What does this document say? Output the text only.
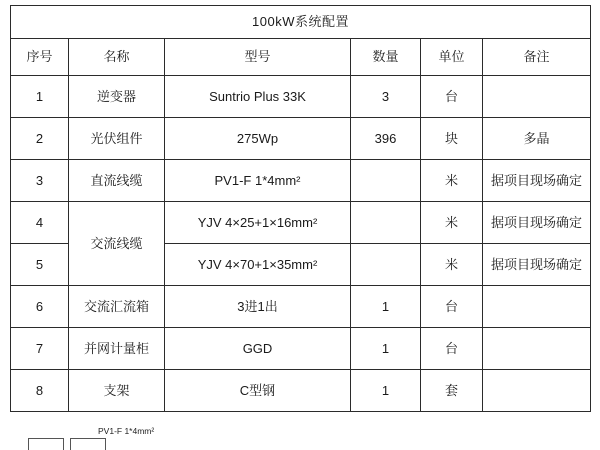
100kW系统配置					
序号	名称	型号	数量	单位	备注
1	逆变器	Suntrio Plus 33K	3	台	
2	光伏组件	275Wp	396	块	多晶
3	直流线缆	PV1-F 1*4mm²		米	据项目现场确定
4	交流线缆	YJV 4×25+1×16mm²		米	据项目现场确定
5		YJV 4×70+1×35mm²		米	据项目现场确定
6	交流汇流箱	3进1出	1	台	
7	并网计量柜	GGD	1	台	
8	支架	C型钢	1	套	
PV1-F 1*4mm²
